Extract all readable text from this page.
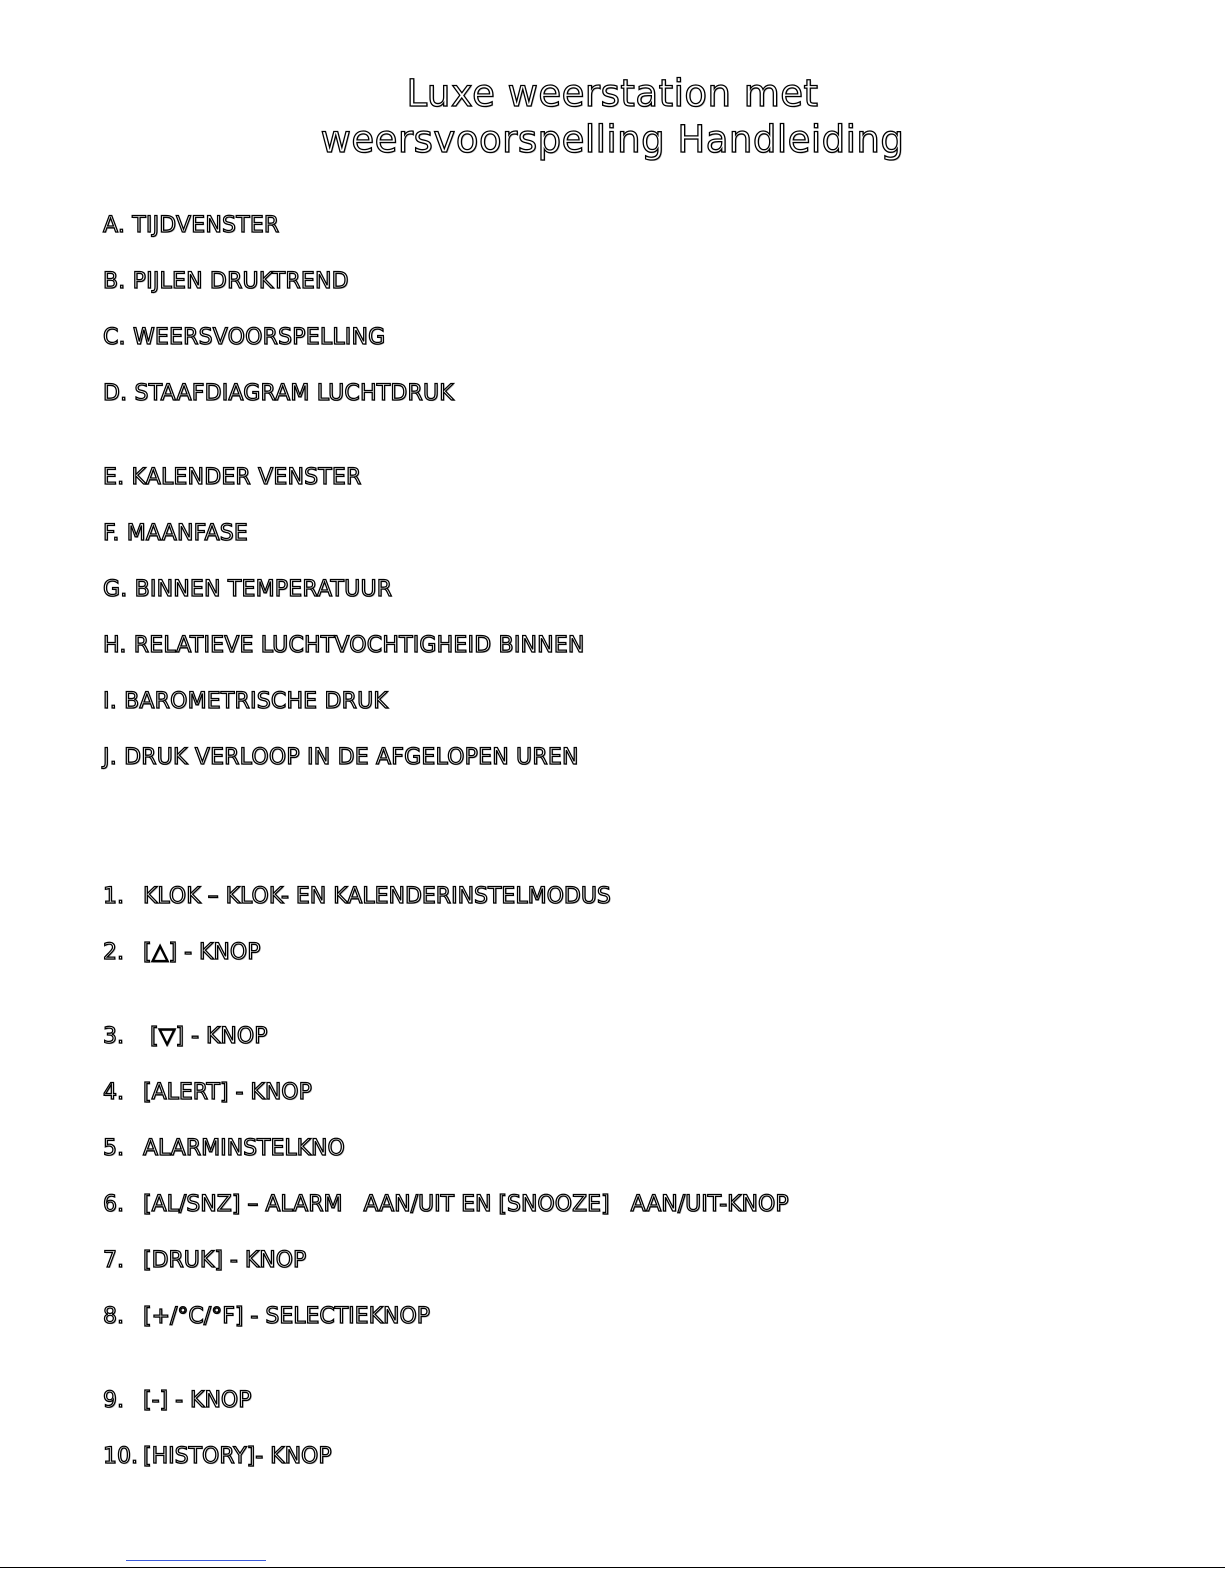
Luxe weerstation met
weersvoorspelling Handleiding
A. TIJDVENSTER
B. PIJLEN DRUKTREND
C. WEERSVOORSPELLING
D. STAAFDIAGRAM LUCHTDRUK
E. KALENDER VENSTER
F. MAANFASE
G. BINNEN TEMPERATUUR
H. RELATIEVE LUCHTVOCHTIGHEID BINNEN
I. BAROMETRISCHE DRUK
J. DRUK VERLOOP IN DE AFGELOPEN UREN
1. KLOK – KLOK- EN KALENDERINSTELMODUS
2. [△] - KNOP
3. [▽] - KNOP
4. [ALERT] - KNOP
5. ALARMINSTELKNO
6. [AL/SNZ] – ALARM   AAN/UIT EN [SNOOZE]   AAN/UIT-KNOP
7. [DRUK] - KNOP
8. [+/°C/°F] - SELECTIEKNOP
9. [-] - KNOP
10. [HISTORY]- KNOP
